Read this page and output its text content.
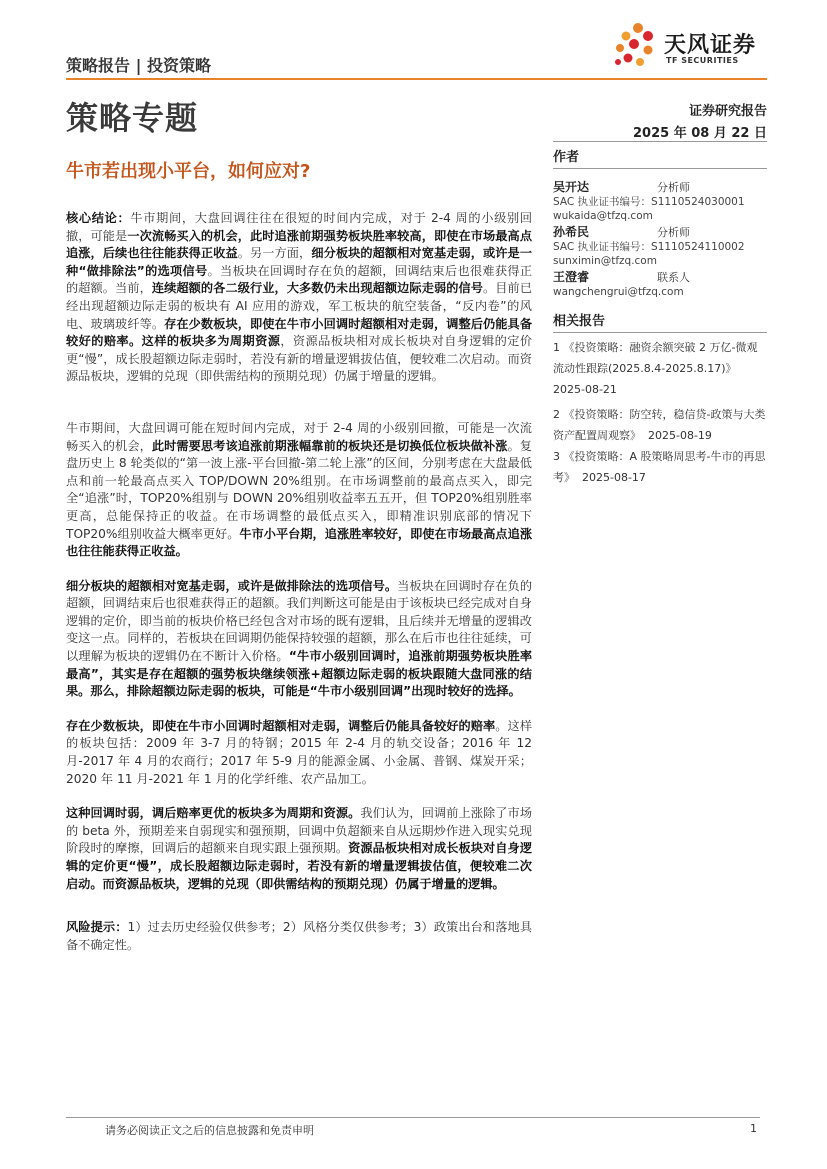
策略报告 | 投资策略
天风证券
TF SECURITIES
策略专题	证券研究报告
2025 年 08 月 22 日
牛市若出现小平台，如何应对?
作者
吴开达	分析师
SAC 执业证书编号：S1110524030001
wukaida@tfzq.com
孙希民	分析师
SAC 执业证书编号：S1110524110002
sunximin@tfzq.com
王澄睿	联系人
wangchengrui@tfzq.com
相关报告
1 《投资策略：融资余额突破 2 万亿-微观流动性跟踪(2025.8.4-2025.8.17)》
2025-08-21
2 《投资策略：防空转，稳信贷-政策与大类资产配置周观察》 2025-08-19
3 《投资策略：A 股策略周思考-牛市的再思考》 2025-08-17

核心结论：牛市期间，大盘回调往往在很短的时间内完成，对于 2-4 周的小级别回撤，可能是一次流畅买入的机会，此时追涨前期强势板块胜率较高，即使在市场最高点追涨，后续也往往能获得正收益。另一方面，细分板块的超额相对宽基走弱，或许是一种“做排除法”的选项信号。当板块在回调时存在负的超额，回调结束后也很难获得正的超额。当前，连续超额的各二级行业，大多数仍未出现超额边际走弱的信号。目前已经出现超额边际走弱的板块有 AI 应用的游戏，军工板块的航空装备，“反内卷”的风电、玻璃玻纤等。存在少数板块，即使在牛市小回调时超额相对走弱，调整后仍能具备较好的赔率。这样的板块多为周期资源，资源品板块相对成长板块对自身逻辑的定价更“慢”，成长股超额边际走弱时，若没有新的增量逻辑拔估值，便较难二次启动。而资源品板块，逻辑的兑现（即供需结构的预期兑现）仍属于增量的逻辑。

牛市期间，大盘回调可能在短时间内完成，对于 2-4 周的小级别回撤，可能是一次流畅买入的机会，此时需要思考该追涨前期涨幅靠前的板块还是切换低位板块做补涨。复盘历史上 8 轮类似的“第一波上涨-平台回撤-第二轮上涨”的区间，分别考虑在大盘最低点和前一轮最高点买入 TOP/DOWN 20%组别。在市场调整前的最高点买入，即完全“追涨”时，TOP20%组别与 DOWN 20%组别收益率五五开，但 TOP20%组别胜率更高，总能保持正的收益。在市场调整的最低点买入，即精准识别底部的情况下 TOP20%组别收益大概率更好。牛市小平台期，追涨胜率较好，即使在市场最高点追涨也往往能获得正收益。

细分板块的超额相对宽基走弱，或许是做排除法的选项信号。当板块在回调时存在负的超额，回调结束后也很难获得正的超额。我们判断这可能是由于该板块已经完成对自身逻辑的定价，即当前的板块价格已经包含对市场的既有逻辑，且后续并无增量的逻辑改变这一点。同样的，若板块在回调期仍能保持较强的超额，那么在后市也往往延续，可以理解为板块的逻辑仍在不断计入价格。“牛市小级别回调时，追涨前期强势板块胜率最高”，其实是存在超额的强势板块继续领涨+超额边际走弱的板块跟随大盘同涨的结果。那么，排除超额边际走弱的板块，可能是“牛市小级别回调”出现时较好的选择。

存在少数板块，即使在牛市小回调时超额相对走弱，调整后仍能具备较好的赔率。这样的板块包括：2009 年 3-7 月的特钢；2015 年 2-4 月的轨交设备；2016 年 12 月-2017 年 4 月的农商行；2017 年 5-9 月的能源金属、小金属、普钢、煤炭开采；2020 年 11 月-2021 年 1 月的化学纤维、农产品加工。

这种回调时弱，调后赔率更优的板块多为周期和资源。我们认为，回调前上涨除了市场的 beta 外，预期差来自弱现实和强预期，回调中负超额来自从远期炒作进入现实兑现阶段时的摩擦，回调后的超额来自现实跟上强预期。资源品板块相对成长板块对自身逻辑的定价更“慢”，成长股超额边际走弱时，若没有新的增量逻辑拔估值，便较难二次启动。而资源品板块，逻辑的兑现（即供需结构的预期兑现）仍属于增量的逻辑。

风险提示：1）过去历史经验仅供参考；2）风格分类仅供参考；3）政策出台和落地具备不确定性。

请务必阅读正文之后的信息披露和免责申明	1
